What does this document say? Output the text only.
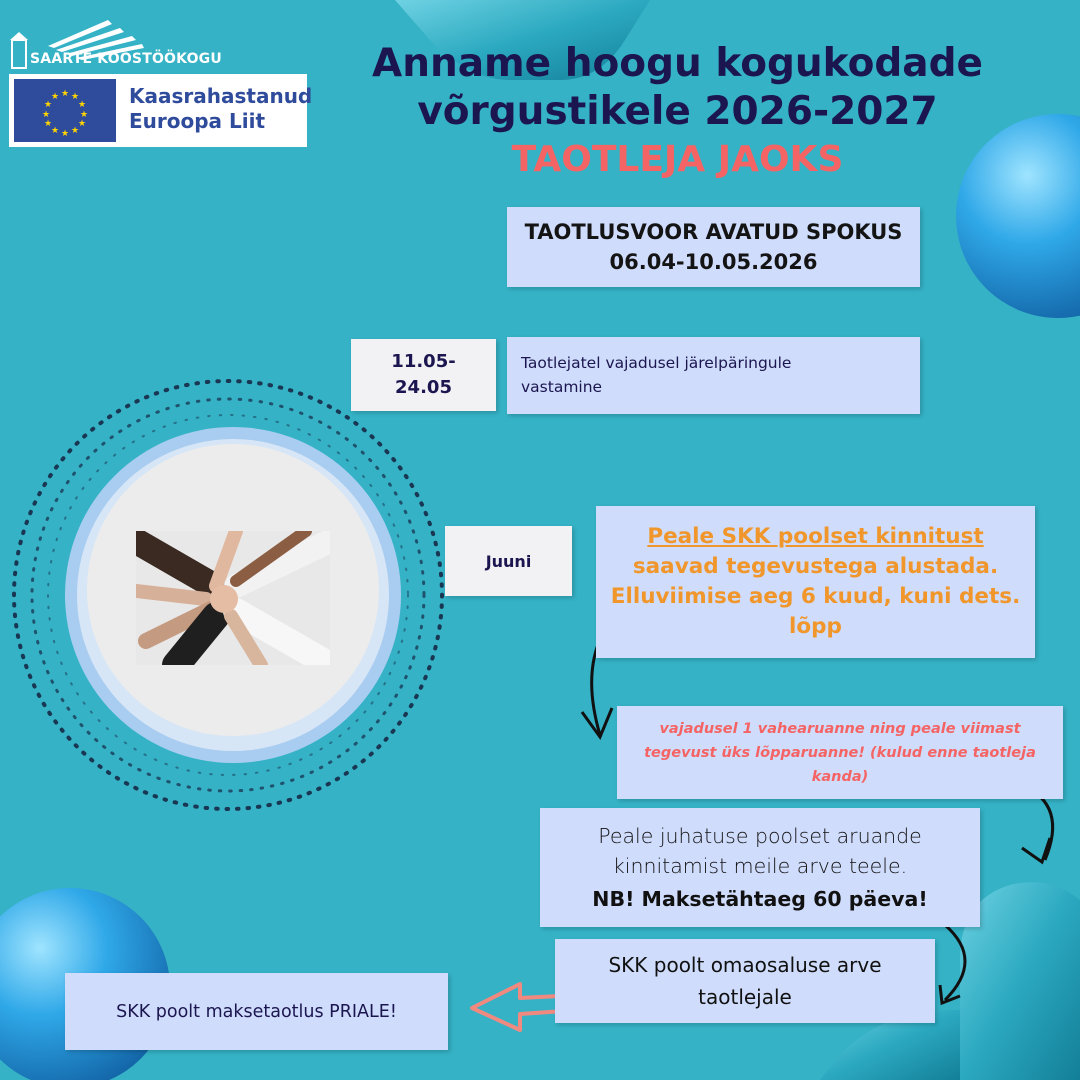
SAARTE KOOSTÖÖKOGU
★ ★
★
★
★
★
★
★
★
★
★
★	Kaasrahastanud
Euroopa Liit
Anname hoogu kogukodade
võrgustikele 2026-2027
TAOTLEJA JAOKS
TAOTLUSVOOR AVATUD SPOKUS
06.04-10.05.2026
11.05-
24.05
Taotlejatel vajadusel järelpäringule vastamine
Juuni
Peale SKK poolset kinnitust
saavad tegevustega alustada. Elluviimise aeg 6 kuud, kuni dets. lõpp
vajadusel 1 vahearuanne ning peale viimast tegevust üks lõpparuanne! (kulud enne taotleja kanda)
Peale juhatuse poolset aruande kinnitamist meile arve teele.
NB! Maksetähtaeg 60 päeva!
SKK poolt omaosaluse arve taotlejale
SKK poolt maksetaotlus PRIALE!
